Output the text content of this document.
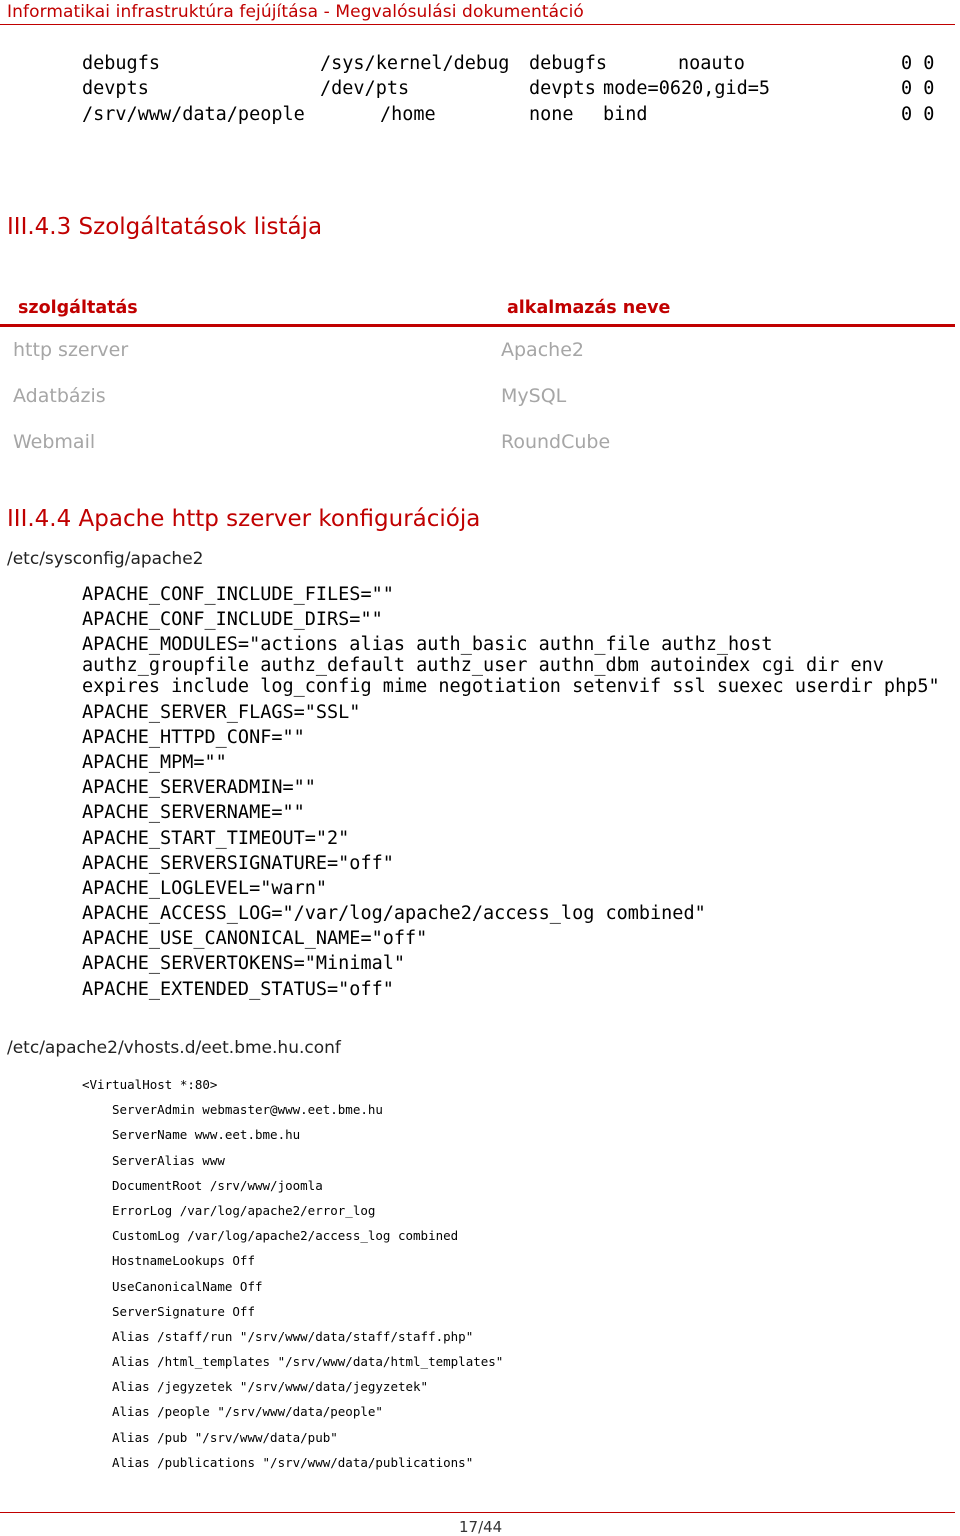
Informatikai infrastruktúra fejújítása - Megvalósulási dokumentáció
debugfs	/sys/kernel/debug debugfs	noauto	0 0
devpts	/dev/pts	devpts mode=0620,gid=5	0 0
/srv/www/data/people	/home	none bind	0 0
III.4.3 Szolgáltatások listája
szolgáltatás	alkalmazás neve
http szerver	Apache2
Adatbázis	MySQL
Webmail	RoundCube
III.4.4 Apache http szerver konfigurációja
/etc/sysconfig/apache2
APACHE_CONF_INCLUDE_FILES=""
APACHE_CONF_INCLUDE_DIRS=""
APACHE_MODULES="actions alias auth_basic authn_file authz_host authz_groupfile authz_default authz_user authn_dbm autoindex cgi dir env expires include log_config mime negotiation setenvif ssl suexec userdir php5"
APACHE_SERVER_FLAGS="SSL"
APACHE_HTTPD_CONF=""
APACHE_MPM=""
APACHE_SERVERADMIN=""
APACHE_SERVERNAME=""
APACHE_START_TIMEOUT="2"
APACHE_SERVERSIGNATURE="off"
APACHE_LOGLEVEL="warn"
APACHE_ACCESS_LOG="/var/log/apache2/access_log combined"
APACHE_USE_CANONICAL_NAME="off"
APACHE_SERVERTOKENS="Minimal"
APACHE_EXTENDED_STATUS="off"
/etc/apache2/vhosts.d/eet.bme.hu.conf
<VirtualHost *:80>
ServerAdmin webmaster@www.eet.bme.hu
ServerName www.eet.bme.hu
ServerAlias www
DocumentRoot /srv/www/joomla
ErrorLog /var/log/apache2/error_log
CustomLog /var/log/apache2/access_log combined
HostnameLookups Off
UseCanonicalName Off
ServerSignature Off
Alias /staff/run "/srv/www/data/staff/staff.php"
Alias /html_templates "/srv/www/data/html_templates"
Alias /jegyzetek "/srv/www/data/jegyzetek"
Alias /people "/srv/www/data/people"
Alias /pub "/srv/www/data/pub"
Alias /publications "/srv/www/data/publications"
17/44
